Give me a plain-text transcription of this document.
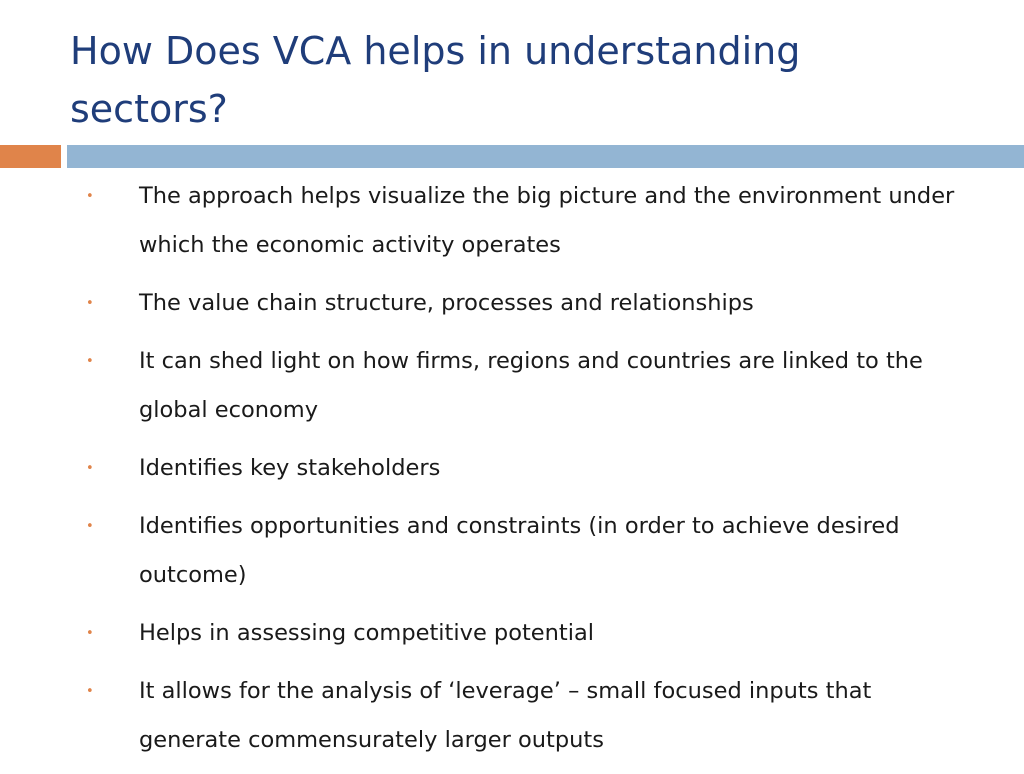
How Does VCA helps in understanding sectors?
• The approach helps visualize the big picture and the environment under which the economic activity operates
• The value chain structure, processes and relationships
• It can shed light on how firms, regions and countries are linked to the global economy
• Identifies key stakeholders
• Identifies opportunities and constraints (in order to achieve desired outcome)
• Helps in assessing competitive potential
• It allows for the analysis of ‘leverage’ – small focused inputs that generate commensurately larger outputs
